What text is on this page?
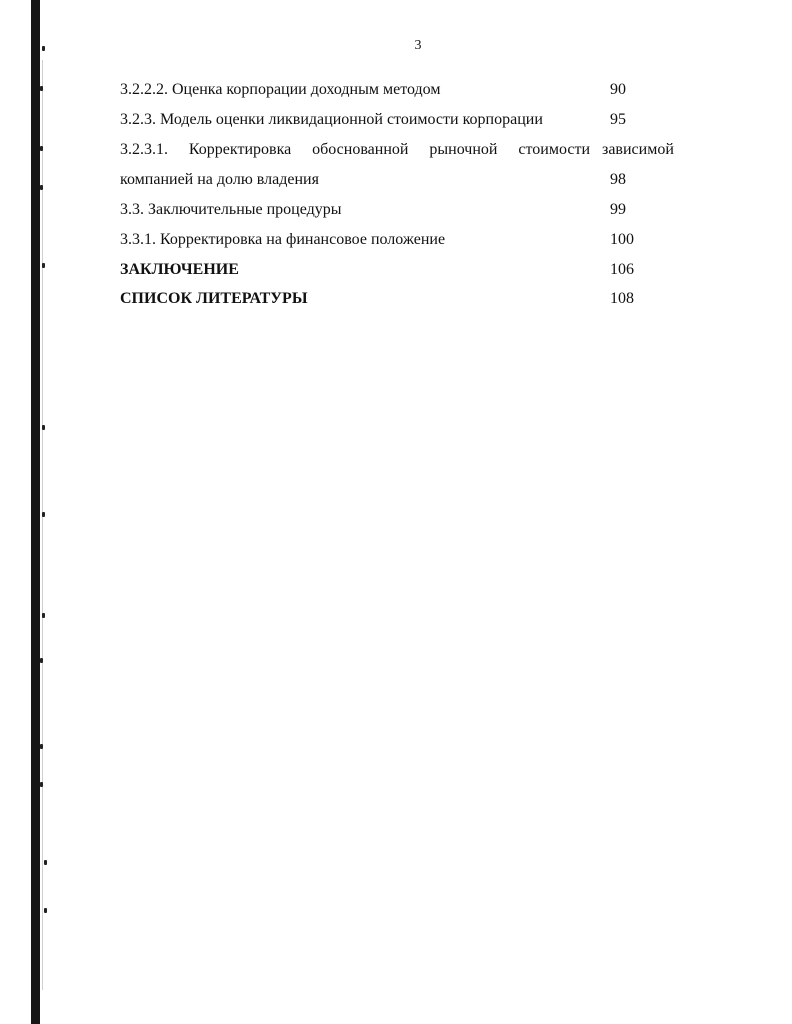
3
3.2.2.2. Оценка корпорации доходным методом	90
3.2.3. Модель оценки ликвидационной стоимости корпорации	95
3.2.3.1. Корректировка обоснованной рыночной стоимости зависимой
компанией на долю владения	98
3.3. Заключительные процедуры	99
3.3.1. Корректировка на финансовое положение	100
ЗАКЛЮЧЕНИЕ	106
СПИСОК ЛИТЕРАТУРЫ	108
